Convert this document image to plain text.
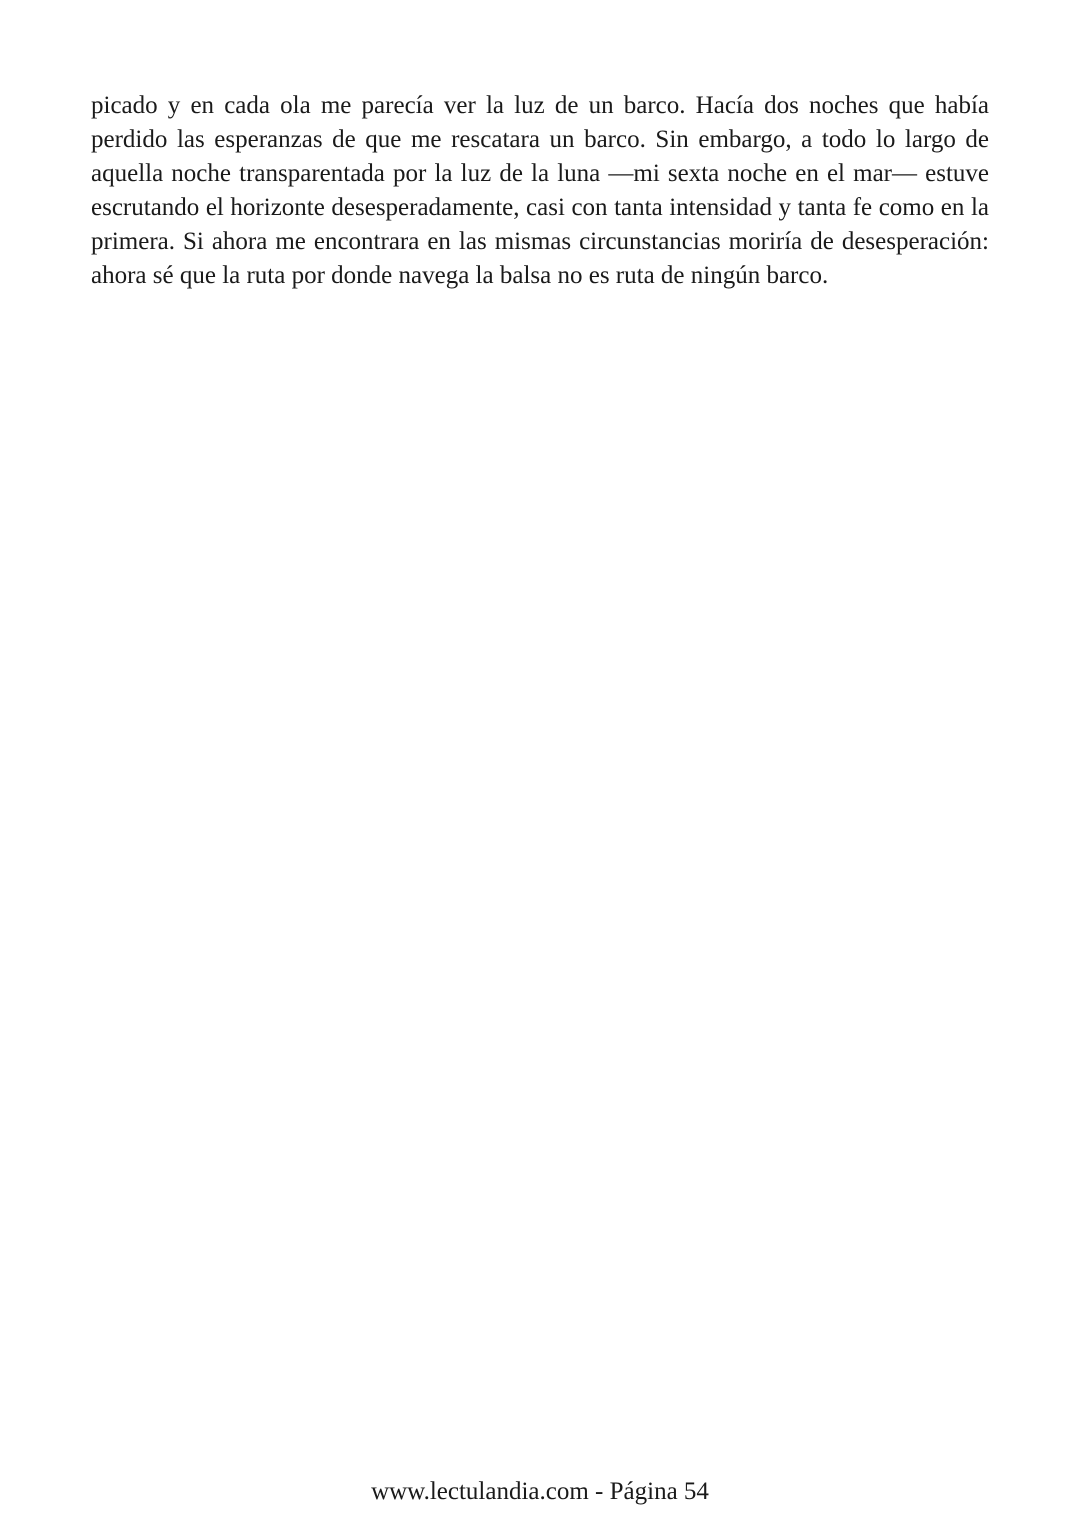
picado y en cada ola me parecía ver la luz de un barco. Hacía dos noches que había perdido las esperanzas de que me rescatara un barco. Sin embargo, a todo lo largo de aquella noche transparentada por la luz de la luna —mi sexta noche en el mar— estuve escrutando el horizonte desesperadamente, casi con tanta intensidad y tanta fe como en la primera. Si ahora me encontrara en las mismas circunstancias moriría de desesperación: ahora sé que la ruta por donde navega la balsa no es ruta de ningún barco.

www.lectulandia.com - Página 54
